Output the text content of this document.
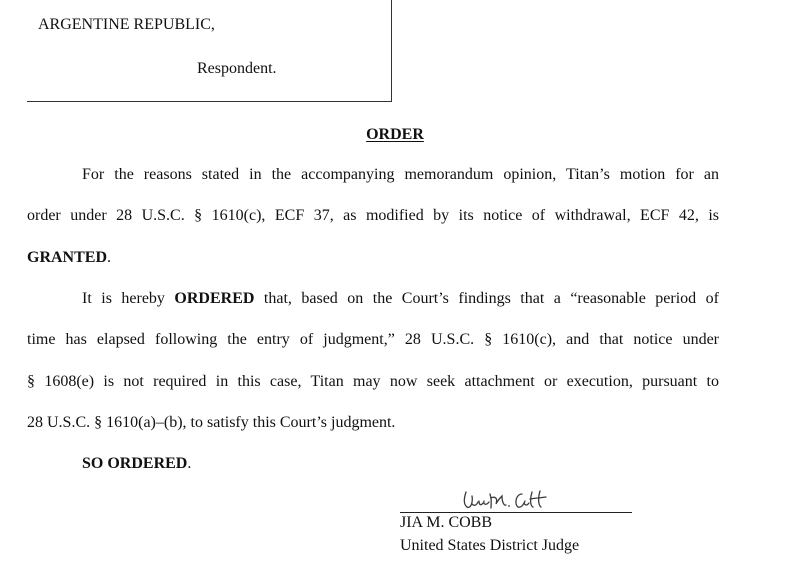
ARGENTINE REPUBLIC,
Respondent.
ORDER
For the reasons stated in the accompanying memorandum opinion, Titan’s motion for an
order under 28 U.S.C. § 1610(c), ECF 37, as modified by its notice of withdrawal, ECF 42, is
GRANTED.
It is hereby ORDERED that, based on the Court’s findings that a “reasonable period of
time has elapsed following the entry of judgment,” 28 U.S.C. § 1610(c), and that notice under
§ 1608(e) is not required in this case, Titan may now seek attachment or execution, pursuant to
28 U.S.C. § 1610(a)–(b), to satisfy this Court’s judgment.
SO ORDERED.
JIA M. COBB
United States District Judge
